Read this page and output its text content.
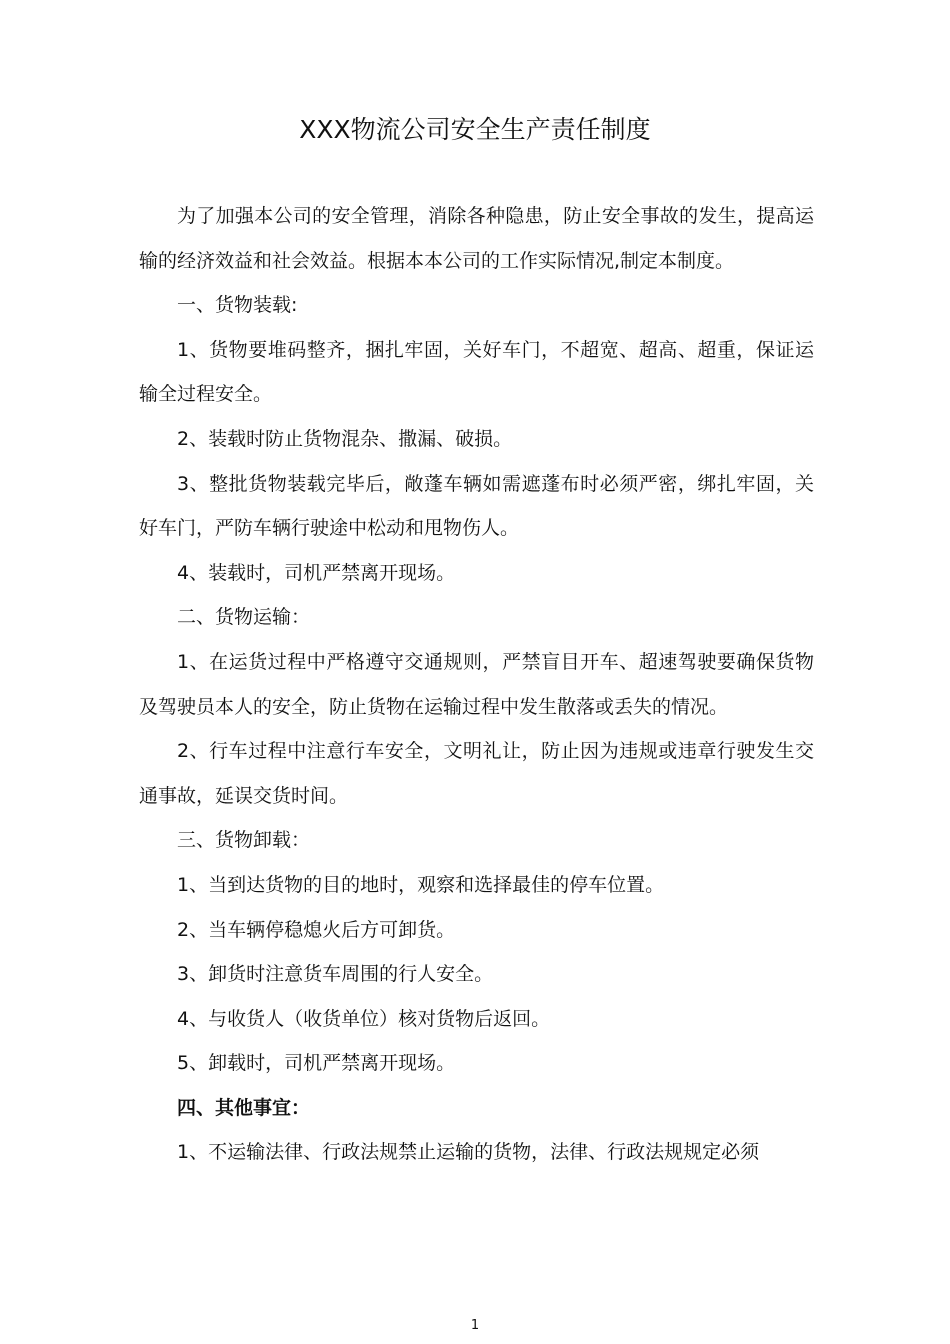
XXX物流公司安全生产责任制度

为了加强本公司的安全管理，消除各种隐患，防止安全事故的发生，提高运输的经济效益和社会效益。根据本本公司的工作实际情况,制定本制度。

一、货物装载:

1、货物要堆码整齐，捆扎牢固，关好车门，不超宽、超高、超重，保证运输全过程安全。

2、装载时防止货物混杂、撒漏、破损。

3、整批货物装载完毕后，敞蓬车辆如需遮蓬布时必须严密，绑扎牢固，关好车门，严防车辆行驶途中松动和甩物伤人。

4、装载时，司机严禁离开现场。

二、货物运输：

1、在运货过程中严格遵守交通规则，严禁盲目开车、超速驾驶要确保货物及驾驶员本人的安全，防止货物在运输过程中发生散落或丢失的情况。

2、行车过程中注意行车安全，文明礼让，防止因为违规或违章行驶发生交通事故，延误交货时间。

三、货物卸载：

1、当到达货物的目的地时，观察和选择最佳的停车位置。

2、当车辆停稳熄火后方可卸货。

3、卸货时注意货车周围的行人安全。

4、与收货人（收货单位）核对货物后返回。

5、卸载时，司机严禁离开现场。

四、其他事宜：

1、不运输法律、行政法规禁止运输的货物，法律、行政法规规定必须

1
